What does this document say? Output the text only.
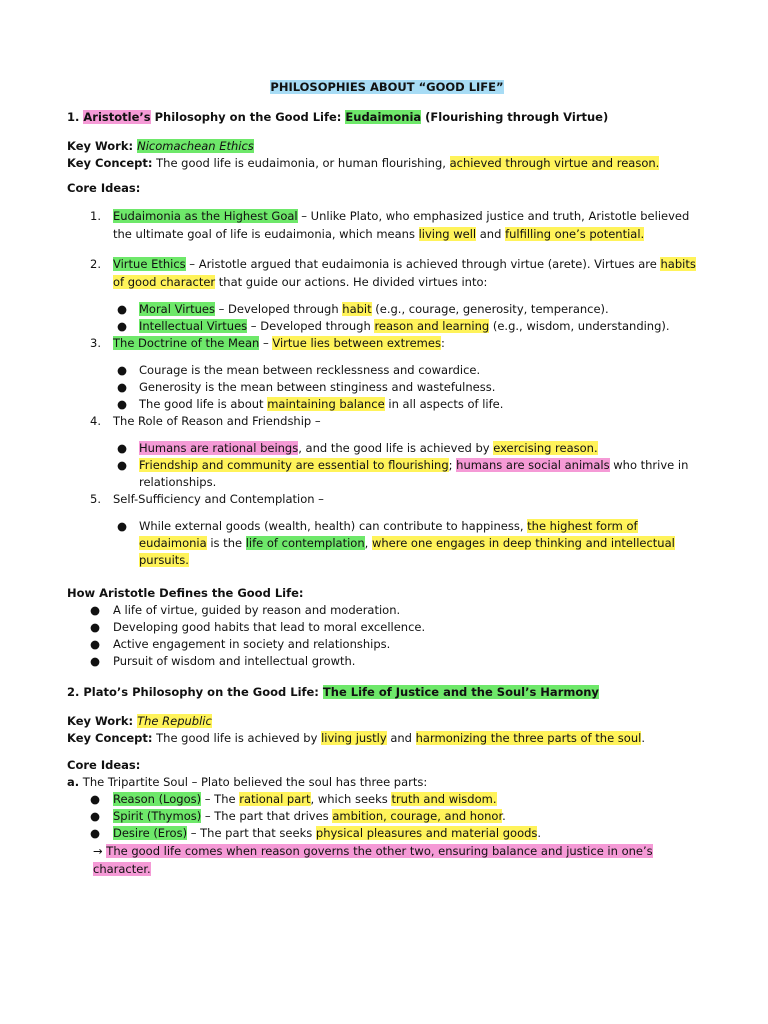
PHILOSOPHIES ABOUT “GOOD LIFE”

1. Aristotle’s Philosophy on the Good Life: Eudaimonia (Flourishing through Virtue)

Key Work: Nicomachean Ethics

Key Concept: The good life is eudaimonia, or human flourishing, achieved through virtue and reason.

Core Ideas:

1. Eudaimonia as the Highest Goal – Unlike Plato, who emphasized justice and truth, Aristotle believed the ultimate goal of life is eudaimonia, which means living well and fulfilling one’s potential.
2. Virtue Ethics – Aristotle argued that eudaimonia is achieved through virtue (arete). Virtues are habits of good character that guide our actions. He divided virtues into:
● Moral Virtues – Developed through habit (e.g., courage, generosity, temperance).
● Intellectual Virtues – Developed through reason and learning (e.g., wisdom, understanding).
3. The Doctrine of the Mean – Virtue lies between extremes:
● Courage is the mean between recklessness and cowardice.
● Generosity is the mean between stinginess and wastefulness.
● The good life is about maintaining balance in all aspects of life.
4. The Role of Reason and Friendship –
● Humans are rational beings, and the good life is achieved by exercising reason.
● Friendship and community are essential to flourishing; humans are social animals who thrive in relationships.
5. Self-Sufficiency and Contemplation –
● While external goods (wealth, health) can contribute to happiness, the highest form of eudaimonia is the life of contemplation, where one engages in deep thinking and intellectual pursuits.

How Aristotle Defines the Good Life:

● A life of virtue, guided by reason and moderation.
● Developing good habits that lead to moral excellence.
● Active engagement in society and relationships.
● Pursuit of wisdom and intellectual growth.

2. Plato’s Philosophy on the Good Life: The Life of Justice and the Soul’s Harmony

Key Work: The Republic

Key Concept: The good life is achieved by living justly and harmonizing the three parts of the soul.

Core Ideas:

a. The Tripartite Soul – Plato believed the soul has three parts:

● Reason (Logos) – The rational part, which seeks truth and wisdom.
● Spirit (Thymos) – The part that drives ambition, courage, and honor.
● Desire (Eros) – The part that seeks physical pleasures and material goods.

→ The good life comes when reason governs the other two, ensuring balance and justice in one’s character.
